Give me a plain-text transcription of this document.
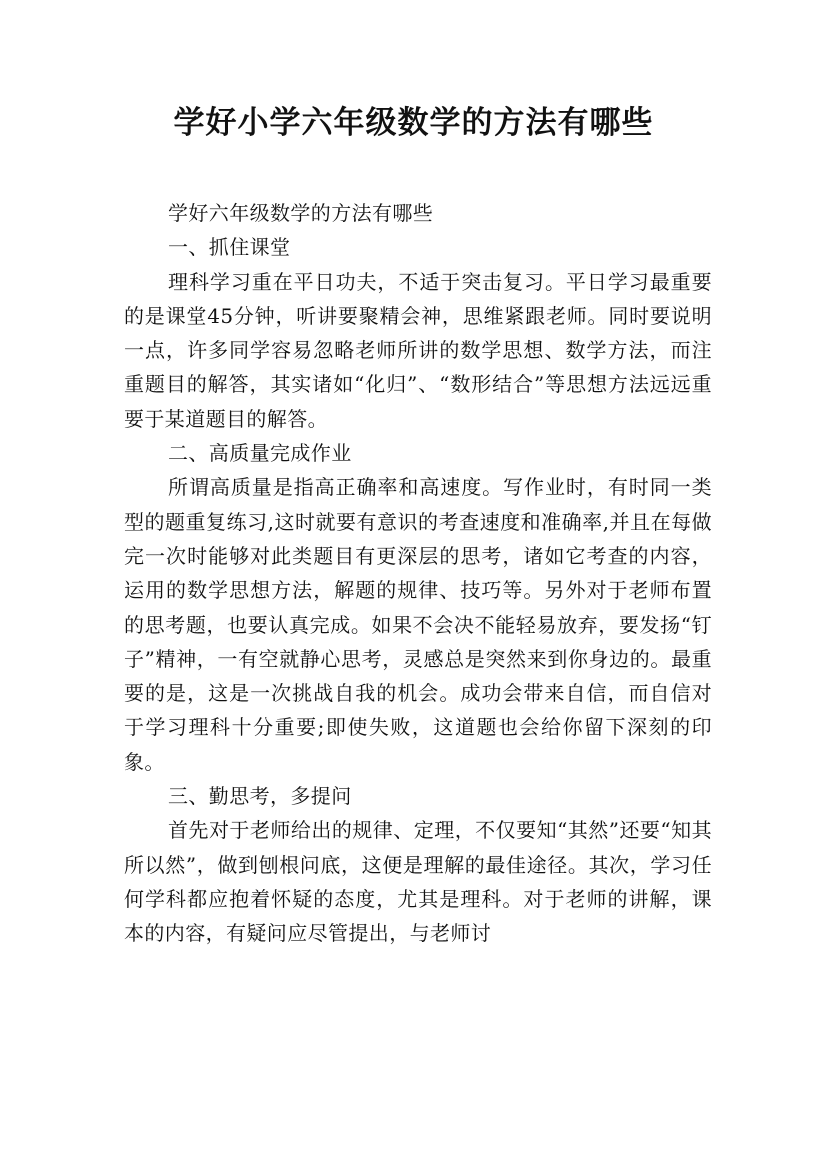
学好小学六年级数学的方法有哪些

学好六年级数学的方法有哪些

一、抓住课堂

理科学习重在平日功夫，不适于突击复习。平日学习最重要的是课堂45分钟，听讲要聚精会神，思维紧跟老师。同时要说明一点，许多同学容易忽略老师所讲的数学思想、数学方法，而注重题目的解答，其实诸如“化归”、“数形结合”等思想方法远远重要于某道题目的解答。

二、高质量完成作业

所谓高质量是指高正确率和高速度。写作业时，有时同一类型的题重复练习,这时就要有意识的考查速度和准确率,并且在每做完一次时能够对此类题目有更深层的思考，诸如它考查的内容，运用的数学思想方法，解题的规律、技巧等。另外对于老师布置的思考题，也要认真完成。如果不会决不能轻易放弃，要发扬“钉子”精神，一有空就静心思考，灵感总是突然来到你身边的。最重要的是，这是一次挑战自我的机会。成功会带来自信，而自信对于学习理科十分重要;即使失败，这道题也会给你留下深刻的印象。

三、勤思考，多提问

首先对于老师给出的规律、定理，不仅要知“其然”还要“知其所以然”，做到刨根问底，这便是理解的最佳途径。其次，学习任何学科都应抱着怀疑的态度，尤其是理科。对于老师的讲解，课本的内容，有疑问应尽管提出，与老师讨
